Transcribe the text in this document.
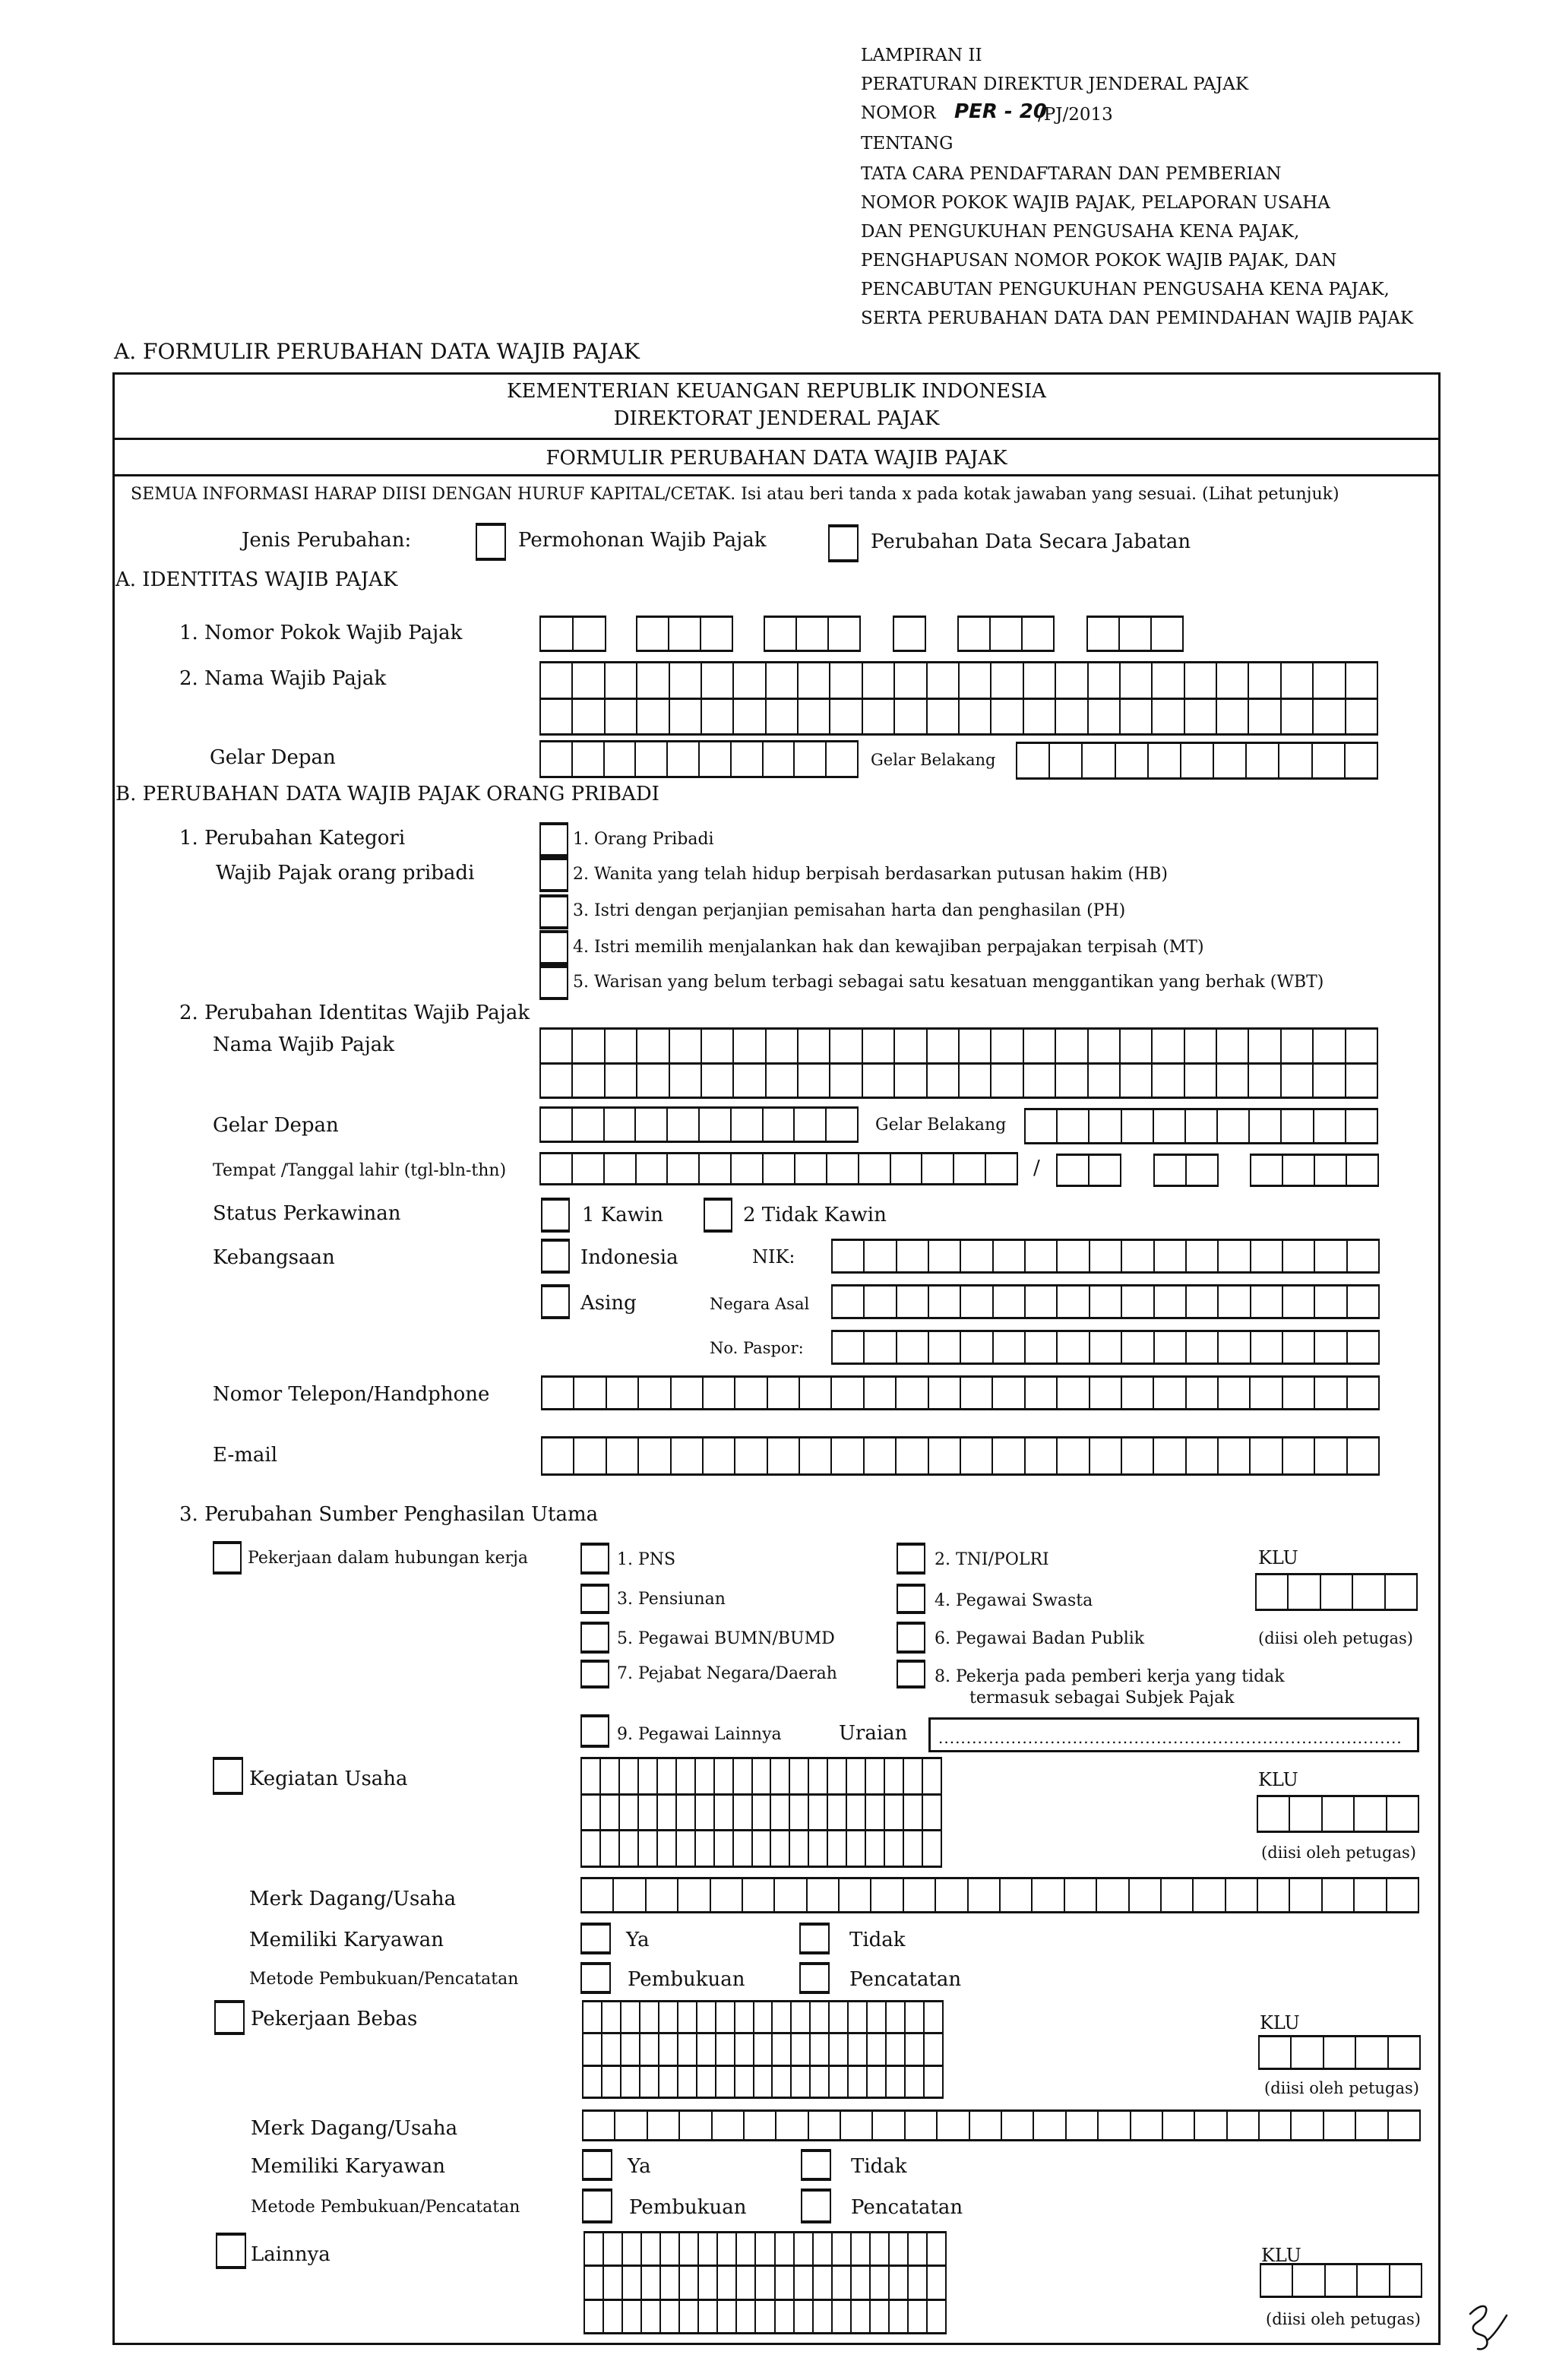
LAMPIRAN II
PERATURAN DIREKTUR JENDERAL PAJAK
NOMOR PER - 20
/PJ/2013
TENTANG
TATA CARA PENDAFTARAN DAN PEMBERIAN
NOMOR POKOK WAJIB PAJAK, PELAPORAN USAHA
DAN PENGUKUHAN PENGUSAHA KENA PAJAK,
PENGHAPUSAN NOMOR POKOK WAJIB PAJAK, DAN
PENCABUTAN PENGUKUHAN PENGUSAHA KENA PAJAK,
SERTA PERUBAHAN DATA DAN PEMINDAHAN WAJIB PAJAK
A. FORMULIR PERUBAHAN DATA WAJIB PAJAK
KEMENTERIAN KEUANGAN REPUBLIK INDONESIA
DIREKTORAT JENDERAL PAJAK
FORMULIR PERUBAHAN DATA WAJIB PAJAK
SEMUA INFORMASI HARAP DIISI DENGAN HURUF KAPITAL/CETAK. Isi atau beri tanda x pada kotak jawaban yang sesuai. (Lihat petunjuk)
Jenis Perubahan:	Permohonan Wajib Pajak	Perubahan Data Secara Jabatan
A. IDENTITAS WAJIB PAJAK
1. Nomor Pokok Wajib Pajak
2. Nama Wajib Pajak
Gelar Depan	Gelar Belakang
B. PERUBAHAN DATA WAJIB PAJAK ORANG PRIBADI
1. Perubahan Kategori
Wajib Pajak orang pribadi
1. Orang Pribadi
2. Wanita yang telah hidup berpisah berdasarkan putusan hakim (HB)
3. Istri dengan perjanjian pemisahan harta dan penghasilan (PH)
4. Istri memilih menjalankan hak dan kewajiban perpajakan terpisah (MT)
5. Warisan yang belum terbagi sebagai satu kesatuan menggantikan yang berhak (WBT)
2. Perubahan Identitas Wajib Pajak
Nama Wajib Pajak
Gelar Depan	Gelar Belakang
Tempat /Tanggal lahir (tgl-bln-thn)	/
Status Perkawinan	1 Kawin	2 Tidak Kawin
Kebangsaan	Indonesia	NIK:
Asing	Negara Asal
No. Paspor:
Nomor Telepon/Handphone
E-mail
3. Perubahan Sumber Penghasilan Utama
Pekerjaan dalam hubungan kerja	1. PNS	2. TNI/POLRI
3. Pensiunan	4. Pegawai Swasta
5. Pegawai BUMN/BUMD	6. Pegawai Badan Publik
7. Pejabat Negara/Daerah	8. Pekerja pada pemberi kerja yang tidak
termasuk sebagai Subjek Pajak
9. Pegawai Lainnya	Uraian ...................................................................................
KLU
(diisi oleh petugas)
Kegiatan Usaha	KLU
(diisi oleh petugas)
Merk Dagang/Usaha
Memiliki Karyawan	Ya	Tidak
Metode Pembukuan/Pencatatan	Pembukuan	Pencatatan
Pekerjaan Bebas	KLU
(diisi oleh petugas)
Merk Dagang/Usaha
Memiliki Karyawan	Ya	Tidak
Metode Pembukuan/Pencatatan	Pembukuan	Pencatatan
Lainnya	KLU
(diisi oleh petugas)
